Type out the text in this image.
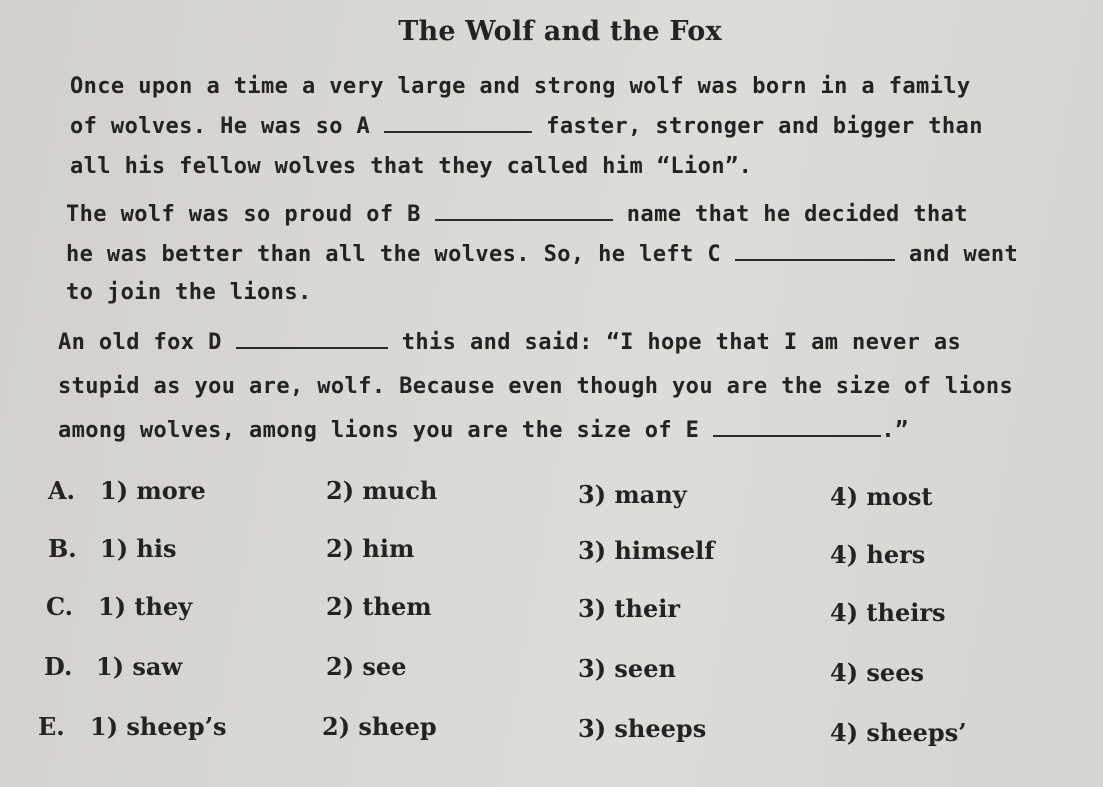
The Wolf and the Fox
Once upon a time a very large and strong wolf was born in a family
of wolves. He was so A	faster, stronger and bigger than
all his fellow wolves that they called him “Lion”.
The wolf was so proud of B	name that he decided that
he was better than all the wolves. So, he left C	and went
to join the lions.
An old fox D	this and said: “I hope that I am never as
stupid as you are, wolf. Because even though you are the size of lions
among wolves, among lions you are the size of E	.”
A. 1) more	2) much	3) many	4) most
B. 1) his	2) him	3) himself	4) hers
C. 1) they	2) them	3) their	4) theirs
D. 1) saw	2) see	3) seen	4) sees
E. 1) sheep’s	2) sheep	3) sheeps	4) sheeps’
